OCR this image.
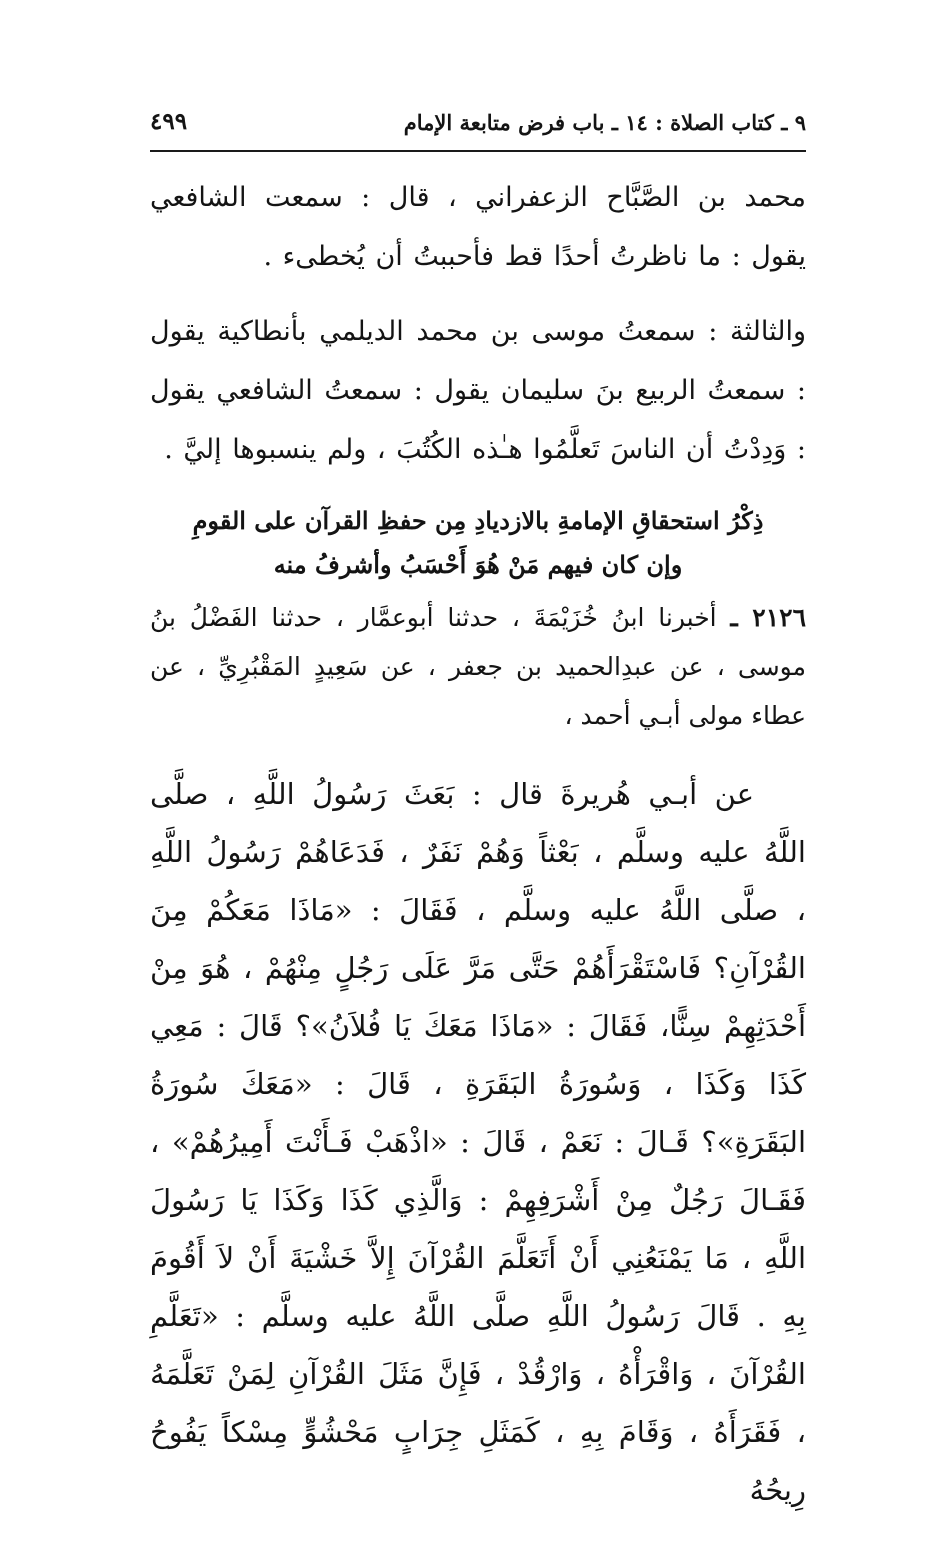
٩ ـ كتاب الصلاة : ١٤ ـ باب فرض متابعة الإمام
٤٩٩

محمد بن الصَّبَّاح الزعفراني ، قال : سمعت الشافعي يقول : ما ناظرتُ أحدًا قط فأحببتُ أن يُخطىء .

والثالثة : سمعتُ موسى بن محمد الديلمي بأنطاكية يقول : سمعتُ الربيع بنَ سليمان يقول : سمعتُ الشافعي يقول : وَدِدْتُ أن الناسَ تَعلَّمُوا هـٰذه الكُتُبَ ، ولم ينسبوها إليَّ .

ذِكْرُ استحقاقِ الإمامةِ بالازديادِ مِن حفظِ القرآن على القومِ

وإن كان فيهم مَنْ هُوَ أَحْسَبُ وأشرفُ منه

٢١٢٦ ـ أخبرنا ابنُ خُزَيْمَةَ ، حدثنا أبوعمَّار ، حدثنا الفَضْلُ بنُ موسى ، عن عبدِالحميد بن جعفر ، عن سَعِيدٍ المَقْبُرِيِّ ، عن عطاء مولى أبـي أحمد ،

عن أبـي هُريرةَ قال : بَعَثَ رَسُولُ اللَّهِ ، صلَّى اللَّهُ عليه وسلَّم ، بَعْثاً وَهُمْ نَفَرٌ ، فَدَعَاهُمْ رَسُولُ اللَّهِ ، صلَّى اللَّهُ عليه وسلَّم ، فَقَالَ : «مَاذَا مَعَكُمْ مِنَ القُرْآنِ؟ فَاسْتَقْرَأَهُمْ حَتَّى مَرَّ عَلَى رَجُلٍ مِنْهُمْ ، هُوَ مِنْ أَحْدَثِهِمْ سِنًّا، فَقَالَ : «مَاذَا مَعَكَ يَا فُلاَنُ»؟ قَالَ : مَعِي كَذَا وَكَذَا ، وَسُورَةُ البَقَرَةِ ، قَالَ : «مَعَكَ سُورَةُ البَقَرَةِ»؟ قَـالَ : نَعَمْ ، قَالَ : «اذْهَبْ فَـأَنْتَ أَمِيرُهُمْ» ، فَقَـالَ رَجُلٌ مِنْ أَشْرَفِهِمْ : وَالَّذِي كَذَا وَكَذَا يَا رَسُولَ اللَّهِ ، مَا يَمْنَعُنِي أَنْ أَتَعَلَّمَ القُرْآنَ إِلاَّ خَشْيَةَ أَنْ لاَ أَقُومَ بِهِ . قَالَ رَسُولُ اللَّهِ صلَّى اللَّهُ عليه وسلَّم : «تَعَلَّمِ القُرْآنَ ، وَاقْرَأْهُ ، وَارْقُدْ ، فَإِنَّ مَثَلَ القُرْآنِ لِمَنْ تَعَلَّمَهُ ، فَقَرَأَهُ ، وَقَامَ بِهِ ، كَمَثَلِ جِرَابٍ مَحْشُوٍّ مِسْكاً يَفُوحُ رِيحُهُ
